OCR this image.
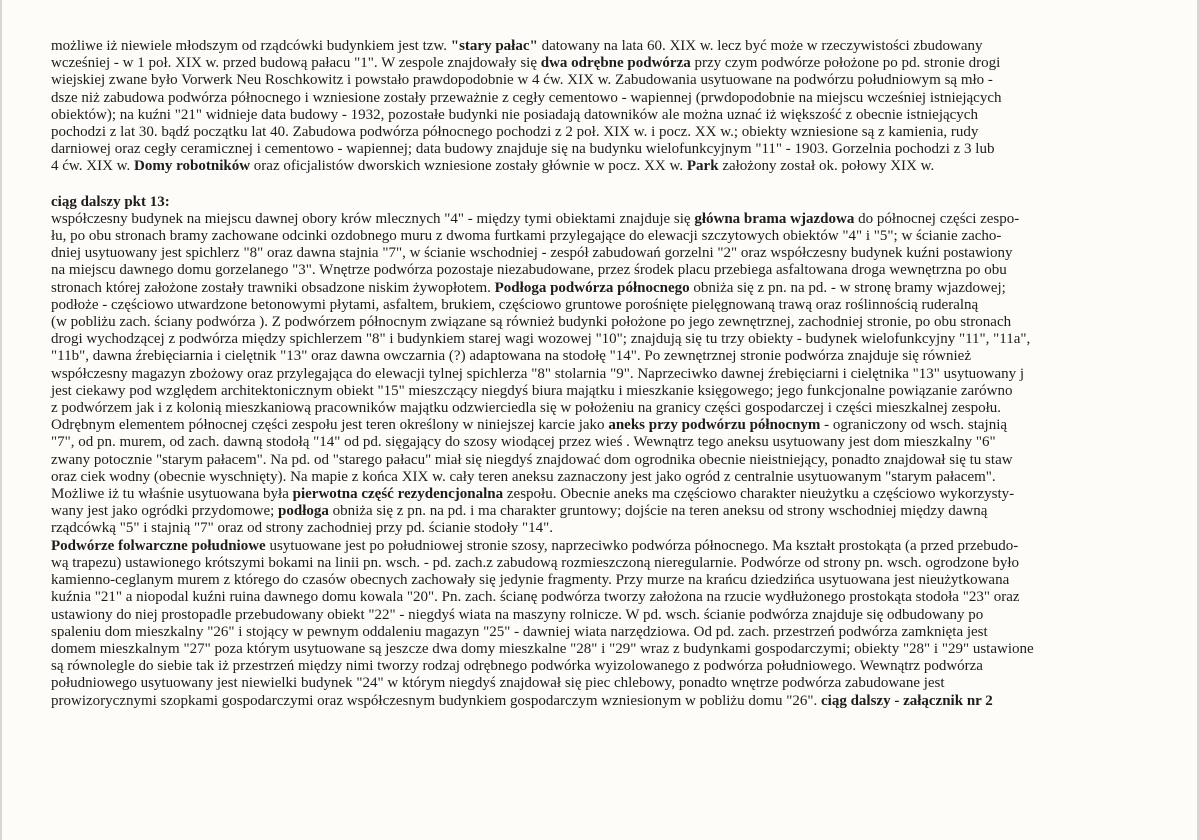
możliwe iż niewiele młodszym od rządcówki budynkiem jest tzw. "stary pałac" datowany na lata 60. XIX w. lecz być może w rzeczywistości zbudowany
wcześniej - w 1 poł. XIX w. przed budową pałacu "1". W zespole znajdowały się dwa odrębne podwórza przy czym podwórze położone po pd. stronie drogi
wiejskiej zwane było Vorwerk Neu Roschkowitz i powstało prawdopodobnie w 4 ćw. XIX w. Zabudowania usytuowane na podwórzu południowym są mło -
dsze niż zabudowa podwórza północnego i wzniesione zostały przeważnie z cegły cementowo - wapiennej (prwdopodobnie na miejscu wcześniej istniejących
obiektów); na kuźni "21" widnieje data budowy - 1932, pozostałe budynki nie posiadają datowników ale można uznać iż większość z obecnie istniejących
pochodzi z lat 30. bądź początku lat 40. Zabudowa podwórza północnego pochodzi z 2 poł. XIX w. i pocz. XX w.; obiekty wzniesione są z kamienia, rudy
darniowej oraz cegły ceramicznej i cementowo - wapiennej; data budowy znajduje się na budynku wielofunkcyjnym "11" - 1903. Gorzelnia pochodzi z 3 lub
4 ćw. XIX w. Domy robotników oraz oficjalistów dworskich wzniesione zostały głównie w pocz. XX w. Park założony został ok. połowy XIX w.
ciąg dalszy pkt 13:
współczesny budynek na miejscu dawnej obory krów mlecznych "4" - między tymi obiektami znajduje się główna brama wjazdowa do północnej części zespo-
łu, po obu stronach bramy zachowane odcinki ozdobnego muru z dwoma furtkami przylegające do elewacji szczytowych obiektów "4" i "5"; w ścianie zacho-
dniej usytuowany jest spichlerz "8" oraz dawna stajnia "7", w ścianie wschodniej - zespół zabudowań gorzelni "2" oraz współczesny budynek kuźni postawiony
na miejscu dawnego domu gorzelanego "3". Wnętrze podwórza pozostaje niezabudowane, przez środek placu przebiega asfaltowana droga wewnętrzna po obu
stronach której założone zostały trawniki obsadzone niskim żywopłotem. Podłoga podwórza północnego obniża się z pn. na pd. - w stronę bramy wjazdowej;
podłoże - częściowo utwardzone betonowymi płytami, asfaltem, brukiem, częściowo gruntowe porośnięte pielęgnowaną trawą oraz roślinnością ruderalną
(w pobliżu zach. ściany podwórza ). Z podwórzem północnym związane są również budynki położone po jego zewnętrznej, zachodniej stronie, po obu stronach
drogi wychodzącej z podwórza między spichlerzem "8" i budynkiem starej wagi wozowej "10"; znajdują się tu trzy obiekty - budynek wielofunkcyjny "11", "11a",
"11b", dawna źrebięciarnia i cielętnik "13" oraz dawna owczarnia (?) adaptowana na stodołę "14". Po zewnętrznej stronie podwórza znajduje się również
współczesny magazyn zbożowy oraz przylegająca do elewacji tylnej spichlerza "8" stolarnia "9". Naprzeciwko dawnej źrebięciarni i cielętnika "13" usytuowany j
jest ciekawy pod względem architektonicznym obiekt "15" mieszczący niegdyś biura majątku i mieszkanie księgowego; jego funkcjonalne powiązanie zarówno
z podwórzem jak i z kolonią mieszkaniową pracowników majątku odzwierciedla się w położeniu na granicy części gospodarczej i części mieszkalnej zespołu.
Odrębnym elementem północnej części zespołu jest teren określony w niniejszej karcie jako aneks przy podwórzu północnym - ograniczony od wsch. stajnią
"7", od pn. murem, od zach. dawną stodołą "14" od pd. sięgający do szosy wiodącej przez wieś . Wewnątrz tego aneksu usytuowany jest dom mieszkalny "6"
zwany potocznie "starym pałacem". Na pd. od "starego pałacu" miał się niegdyś znajdować dom ogrodnika obecnie nieistniejący, ponadto znajdował się tu staw
oraz ciek wodny (obecnie wyschnięty). Na mapie z końca XIX w. cały teren aneksu zaznaczony jest jako ogród z centralnie usytuowanym "starym pałacem".
Możliwe iż tu właśnie usytuowana była pierwotna część rezydencjonalna zespołu. Obecnie aneks ma częściowo charakter nieużytku a częściowo wykorzysty-
wany jest jako ogródki przydomowe; podłoga obniża się z pn. na pd. i ma charakter gruntowy; dojście na teren aneksu od strony wschodniej między dawną
rządcówką "5" i stajnią "7" oraz od strony zachodniej przy pd. ścianie stodoły "14".
Podwórze folwarczne południowe usytuowane jest po południowej stronie szosy, naprzeciwko podwórza północnego. Ma kształt prostokąta (a przed przebudo-
wą trapezu) ustawionego krótszymi bokami na linii pn. wsch. - pd. zach.z zabudową rozmieszczoną nieregularnie. Podwórze od strony pn. wsch. ogrodzone było
kamienno-ceglanym murem z którego do czasów obecnych zachowały się jedynie fragmenty. Przy murze na krańcu dziedzińca usytuowana jest nieużytkowana
kuźnia "21" a niopodal kuźni ruina dawnego domu kowala "20". Pn. zach. ścianę podwórza tworzy założona na rzucie wydłużonego prostokąta stodoła "23" oraz
ustawiony do niej prostopadle przebudowany obiekt "22" - niegdyś wiata na maszyny rolnicze. W pd. wsch. ścianie podwórza znajduje się odbudowany po
spaleniu dom mieszkalny "26" i stojący w pewnym oddaleniu magazyn "25" - dawniej wiata narzędziowa. Od pd. zach. przestrzeń podwórza zamknięta jest
domem mieszkalnym "27" poza którym usytuowane są jeszcze dwa domy mieszkalne "28" i "29" wraz z budynkami gospodarczymi; obiekty "28" i "29" ustawione
są równolegle do siebie tak iż przestrzeń między nimi tworzy rodzaj odrębnego podwórka wyizolowanego z podwórza południowego. Wewnątrz podwórza
południowego usytuowany jest niewielki budynek "24" w którym niegdyś znajdował się piec chlebowy, ponadto wnętrze podwórza zabudowane jest
prowizorycznymi szopkami gospodarczymi oraz współczesnym budynkiem gospodarczym wzniesionym w pobliżu domu "26". ciąg dalszy - załącznik nr 2
